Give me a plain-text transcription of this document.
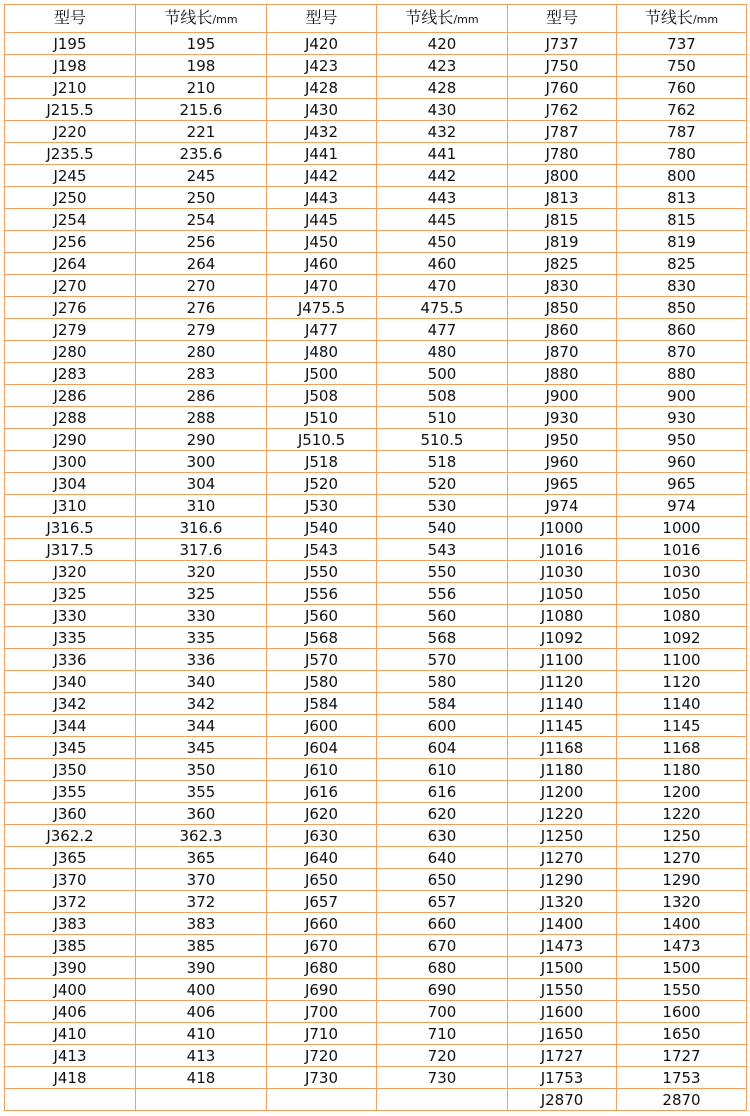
型号	节线长/mm	型号	节线长/mm	型号	节线长/mm
J195	195	J420	420	J737	737
J198	198	J423	423	J750	750
J210	210	J428	428	J760	760
J215.5	215.6	J430	430	J762	762
J220	221	J432	432	J787	787
J235.5	235.6	J441	441	J780	780
J245	245	J442	442	J800	800
J250	250	J443	443	J813	813
J254	254	J445	445	J815	815
J256	256	J450	450	J819	819
J264	264	J460	460	J825	825
J270	270	J470	470	J830	830
J276	276	J475.5	475.5	J850	850
J279	279	J477	477	J860	860
J280	280	J480	480	J870	870
J283	283	J500	500	J880	880
J286	286	J508	508	J900	900
J288	288	J510	510	J930	930
J290	290	J510.5	510.5	J950	950
J300	300	J518	518	J960	960
J304	304	J520	520	J965	965
J310	310	J530	530	J974	974
J316.5	316.6	J540	540	J1000	1000
J317.5	317.6	J543	543	J1016	1016
J320	320	J550	550	J1030	1030
J325	325	J556	556	J1050	1050
J330	330	J560	560	J1080	1080
J335	335	J568	568	J1092	1092
J336	336	J570	570	J1100	1100
J340	340	J580	580	J1120	1120
J342	342	J584	584	J1140	1140
J344	344	J600	600	J1145	1145
J345	345	J604	604	J1168	1168
J350	350	J610	610	J1180	1180
J355	355	J616	616	J1200	1200
J360	360	J620	620	J1220	1220
J362.2	362.3	J630	630	J1250	1250
J365	365	J640	640	J1270	1270
J370	370	J650	650	J1290	1290
J372	372	J657	657	J1320	1320
J383	383	J660	660	J1400	1400
J385	385	J670	670	J1473	1473
J390	390	J680	680	J1500	1500
J400	400	J690	690	J1550	1550
J406	406	J700	700	J1600	1600
J410	410	J710	710	J1650	1650
J413	413	J720	720	J1727	1727
J418	418	J730	730	J1753	1753
				J2870	2870
